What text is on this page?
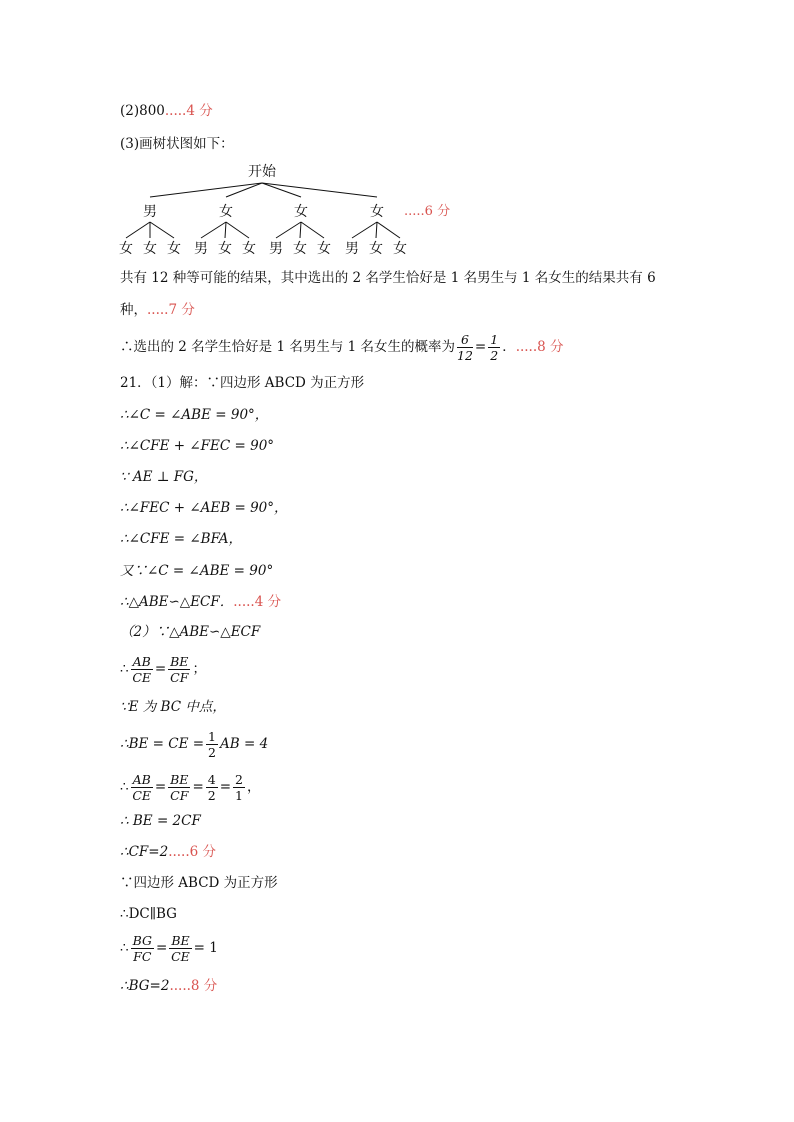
(2)800.....4 分
(3)画树状图如下：
开始
男	女	女	女 .....6 分
女 女 女 男 女 女 男 女 女 男 女 女
共有 12 种等可能的结果，其中选出的 2 名学生恰好是 1 名男生与 1 名女生的结果共有 6
种，.....7 分
∴选出的 2 名学生恰好是 1 名男生与 1 名女生的概率为 $\frac{6}{12} = \frac{1}{2}$ ．.....8 分
21．（1）解：∵四边形 ABCD 为正方形
∴∠C = ∠ABE = 90°，
∴∠CFE + ∠FEC = 90°
∵ AE ⊥ FG，
∴∠FEC + ∠AEB = 90°，
∴∠CFE = ∠BFA，
又∵∠C = ∠ABE = 90°
∴△ABE∽△ECF．.....4 分
（2）∵△ABE∽△ECF
∴ $\frac{AB}{CE} = \frac{BE}{CF}$ ；
∵E 为 BC 中点，
∴BE = CE = $\frac{1}{2}$ AB = 4
∴ $\frac{AB}{CE} = \frac{BE}{CF} = \frac{4}{2} = \frac{2}{1}$ ，
∴ BE = 2CF
∴CF=2.....6 分
∵四边形 ABCD 为正方形
∴DC∥BG
∴ $\frac{BG}{FC} = \frac{BE}{CE} = 1$
∴BG=2.....8 分
